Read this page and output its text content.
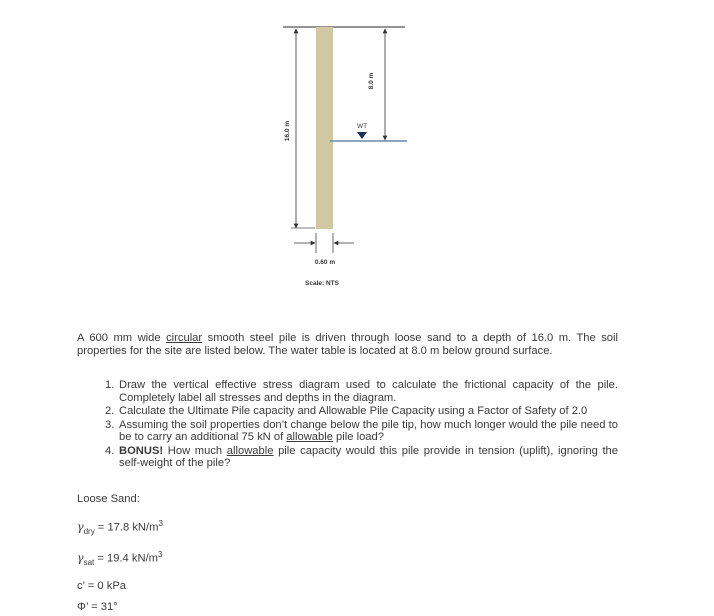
WT
16.0 m
8.0 m
0.60 m
Scale: NTS

A 600 mm wide circular smooth steel pile is driven through loose sand to a depth of 16.0 m. The soil properties for the site are listed below. The water table is located at 8.0 m below ground surface.

1. Draw the vertical effective stress diagram used to calculate the frictional capacity of the pile. Completely label all stresses and depths in the diagram.
2. Calculate the Ultimate Pile capacity and Allowable Pile Capacity using a Factor of Safety of 2.0
3. Assuming the soil properties don’t change below the pile tip, how much longer would the pile need to be to carry an additional 75 kN of allowable pile load?
4. BONUS! How much allowable pile capacity would this pile provide in tension (uplift), ignoring the self-weight of the pile?
Loose Sand:
$\gamma_{dry} = 17.8$ $kN/m^3$
$\gamma_{sat} = 19.4$ $kN/m^3$
c’ = 0 kPa
Φ’ = 31°
